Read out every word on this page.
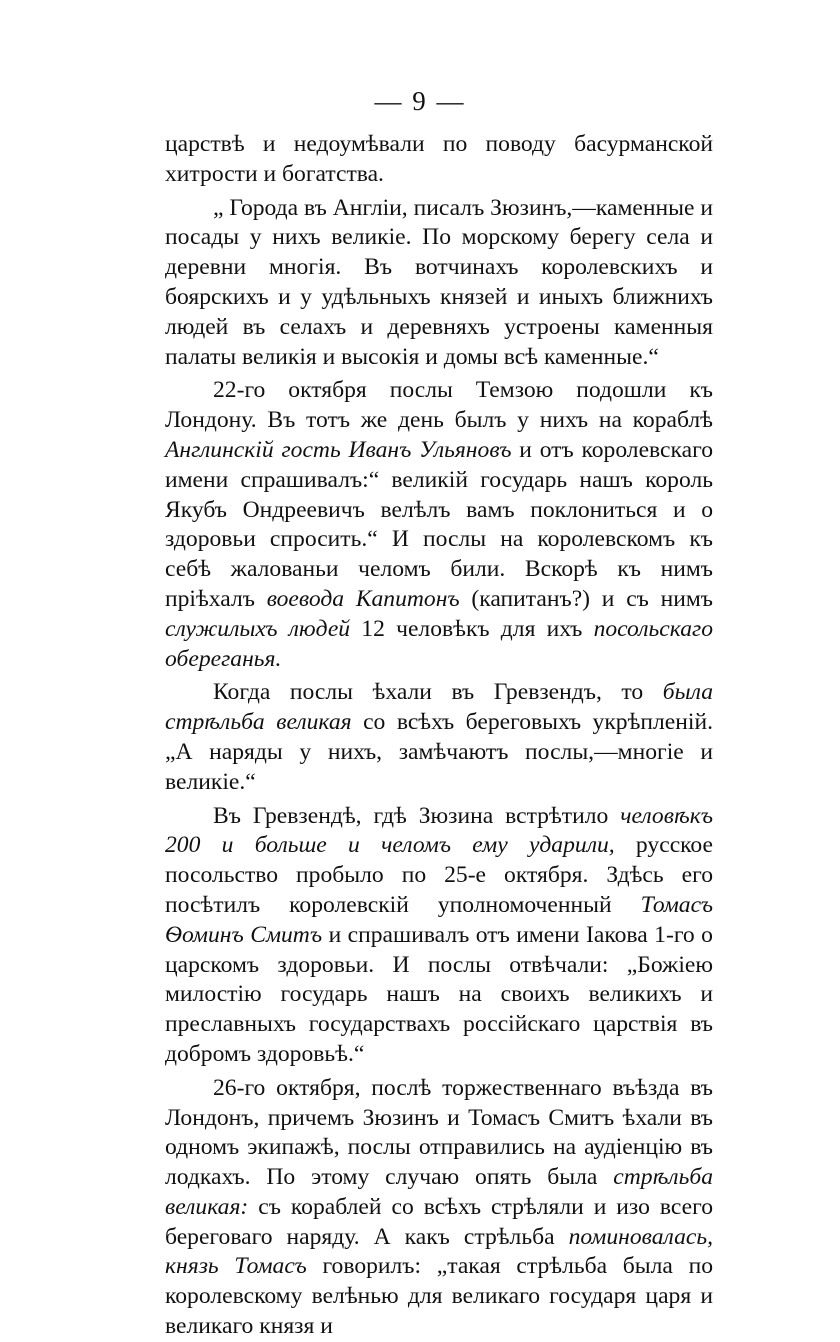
— 9 —

царствѣ и недоумѣвали по поводу басурманской хитрости и богатства.

„ Города въ Англіи, писалъ Зюзинъ,—каменные и посады у нихъ великіе. По морскому берегу села и деревни многія. Въ вотчинахъ королевскихъ и боярскихъ и у удѣльныхъ князей и иныхъ ближнихъ людей въ селахъ и деревняхъ устроены каменныя палаты великія и высокія и домы всѣ каменные.“

22-го октября послы Темзою подошли къ Лондону. Въ тотъ же день былъ у нихъ на кораблѣ Англинскій гость Иванъ Ульяновъ и отъ королевскаго имени спрашивалъ:“ великій государь нашъ король Якубъ Ондреевичъ велѣлъ вамъ поклониться и о здоровьи спросить.“ И послы на королевскомъ къ себѣ жалованьи челомъ били. Вскорѣ къ нимъ пріѣхалъ воевода Капитонъ (капитанъ?) и съ нимъ служилыхъ людей 12 человѣкъ для ихъ посольскаго обереганья.

Когда послы ѣхали въ Гревзендъ, то была стрѣльба великая со всѣхъ береговыхъ укрѣпленій. „А наряды у нихъ, замѣчаютъ послы,—многіе и великіе.“

Въ Гревзендѣ, гдѣ Зюзина встрѣтило человѣкъ 200 и больше и челомъ ему ударили, русское посольство пробыло по 25-е октября. Здѣсь его посѣтилъ королевскій уполномоченный Томасъ Ѳоминъ Смитъ и спрашивалъ отъ имени Іакова 1-го о царскомъ здоровьи. И послы отвѣчали: „Божіею милостію государь нашъ на своихъ великихъ и преславныхъ государствахъ россійскаго царствія въ добромъ здоровьѣ.“

26-го октября, послѣ торжественнаго въѣзда въ Лондонъ, причемъ Зюзинъ и Томасъ Смитъ ѣхали въ одномъ экипажѣ, послы отправились на аудіенцію въ лодкахъ. По этому случаю опять была стрѣльба великая: съ кораблей со всѣхъ стрѣляли и изо всего береговаго наряду. А какъ стрѣльба поминовалась, князь Томасъ говорилъ: „такая стрѣльба была по королевскому велѣнью для великаго государя царя и великаго князя и
